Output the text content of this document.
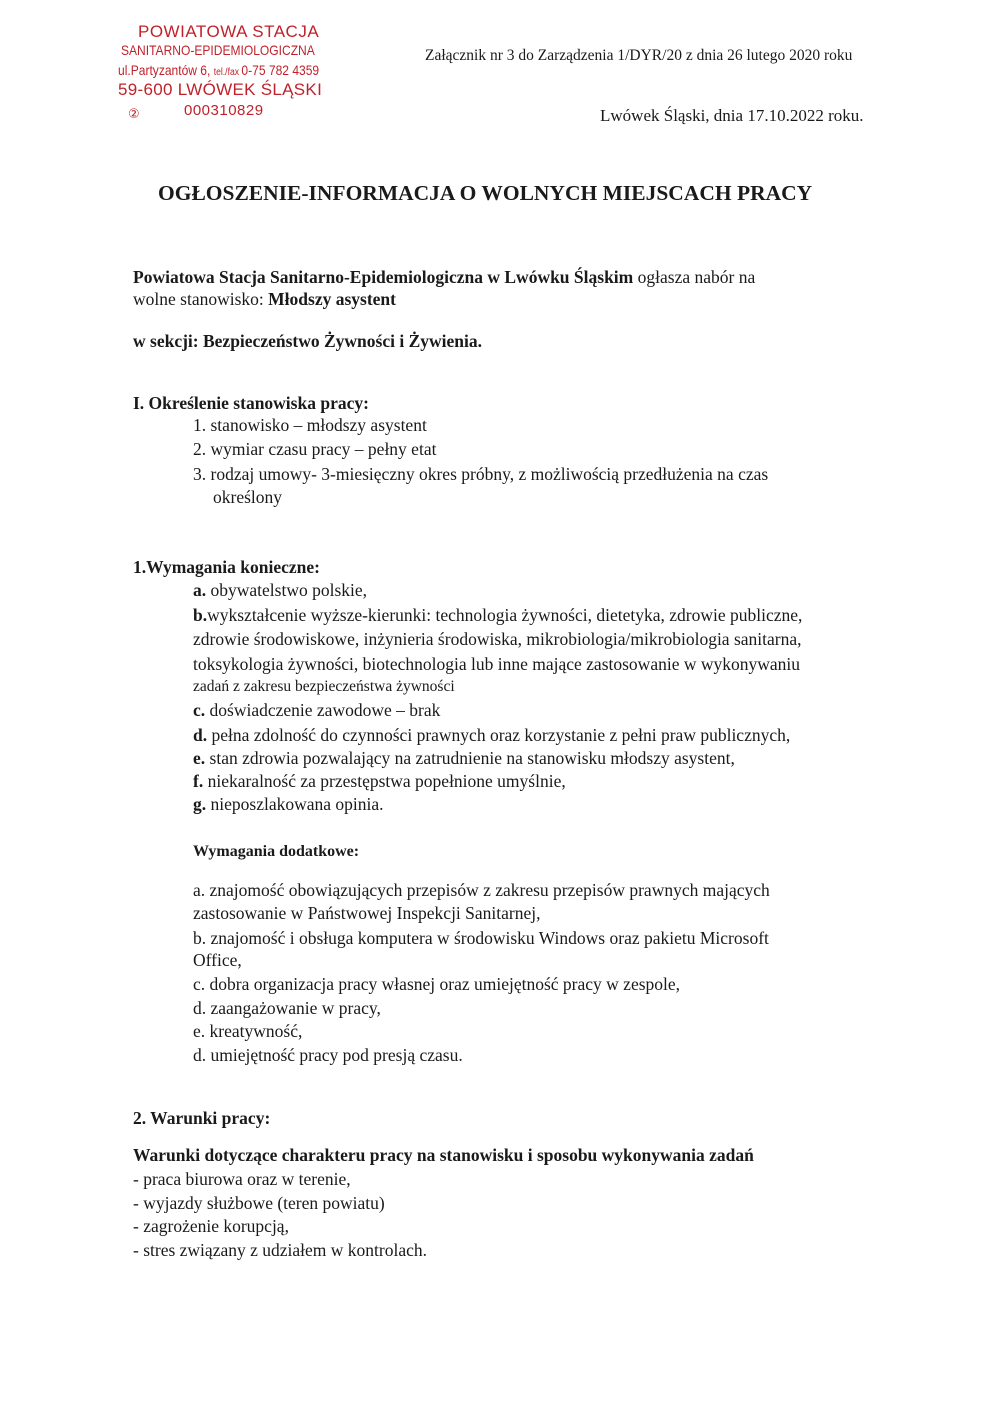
POWIATOWA STACJA
SANITARNO-EPIDEMIOLOGICZNA
ul.Partyzantów 6, tel./fax 0-75 782 4359
59-600 LWÓWEK ŚLĄSKI
②	000310829
Załącznik nr 3 do Zarządzenia 1/DYR/20 z dnia 26 lutego 2020 roku
Lwówek Śląski, dnia 17.10.2022 roku.
OGŁOSZENIE-INFORMACJA O WOLNYCH MIEJSCACH PRACY
Powiatowa Stacja Sanitarno-Epidemiologiczna w Lwówku Śląskim ogłasza nabór na
wolne stanowisko: Młodszy asystent
w sekcji: Bezpieczeństwo Żywności i Żywienia.
I. Określenie stanowiska pracy:
1. stanowisko – młodszy asystent
2. wymiar czasu pracy – pełny etat
3. rodzaj umowy- 3-miesięczny okres próbny, z możliwością przedłużenia na czas
określony
1.Wymagania konieczne:
a. obywatelstwo polskie,
b.wykształcenie wyższe-kierunki: technologia żywności, dietetyka, zdrowie publiczne,
zdrowie środowiskowe, inżynieria środowiska, mikrobiologia/mikrobiologia sanitarna,
toksykologia żywności, biotechnologia lub inne mające zastosowanie w wykonywaniu
zadań z zakresu bezpieczeństwa żywności
c. doświadczenie zawodowe – brak
d. pełna zdolność do czynności prawnych oraz korzystanie z pełni praw publicznych,
e. stan zdrowia pozwalający na zatrudnienie na stanowisku młodszy asystent,
f. niekaralność za przestępstwa popełnione umyślnie,
g. nieposzlakowana opinia.
Wymagania dodatkowe:
a. znajomość obowiązujących przepisów z zakresu przepisów prawnych mających
zastosowanie w Państwowej Inspekcji Sanitarnej,
b. znajomość i obsługa komputera w środowisku Windows oraz pakietu Microsoft
Office,
c. dobra organizacja pracy własnej oraz umiejętność pracy w zespole,
d. zaangażowanie w pracy,
e. kreatywność,
d. umiejętność pracy pod presją czasu.
2. Warunki pracy:
Warunki dotyczące charakteru pracy na stanowisku i sposobu wykonywania zadań
- praca biurowa oraz w terenie,
- wyjazdy służbowe (teren powiatu)
- zagrożenie korupcją,
- stres związany z udziałem w kontrolach.
